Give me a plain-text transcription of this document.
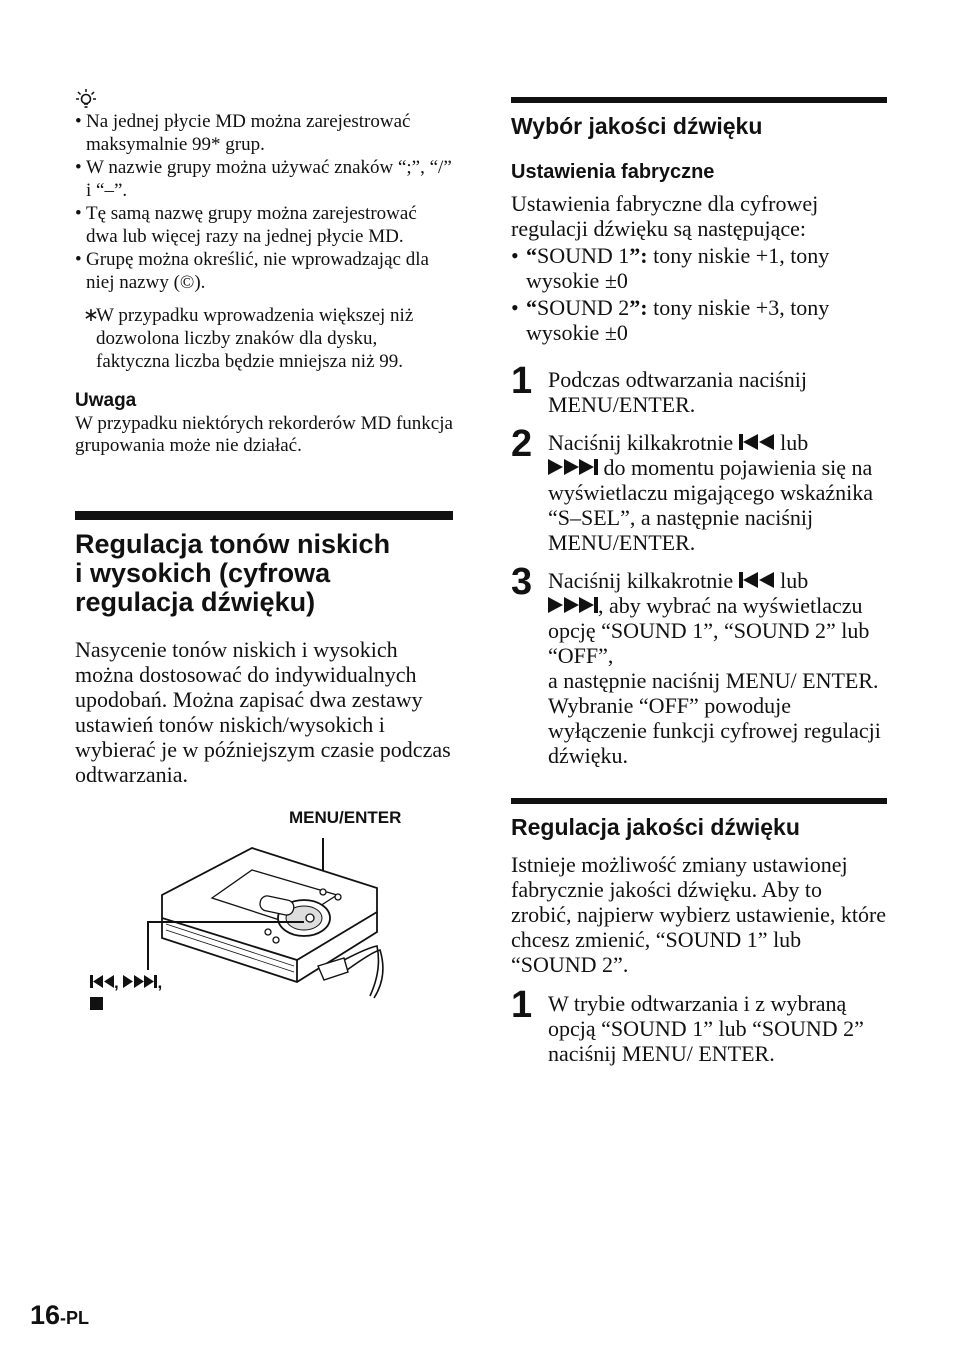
• Na jednej płycie MD można zarejestrować maksymalnie 99* grup.
• W nazwie grupy można używać znaków “;”, “/” i “–”.
• Tę samą nazwę grupy można zarejestrować dwa lub więcej razy na jednej płycie MD.
• Grupę można określić, nie wprowadzając dla niej nazwy (©).
∗
W przypadku wprowadzenia większej niż dozwolona liczby znaków dla dysku, faktyczna liczba będzie mniejsza niż 99.
Uwaga
W przypadku niektórych rekorderów MD funkcja grupowania może nie działać.
Regulacja tonów niskich
i wysokich (cyfrowa
regulacja dźwięku)
Nasycenie tonów niskich i wysokich można dostosować do indywidualnych upodobań. Można zapisać dwa zestawy ustawień tonów niskich/wysokich i wybierać je w późniejszym czasie podczas odtwarzania.
MENU/ENTER
, ,

Wybór jakości dźwięku
Ustawienia fabryczne
Ustawienia fabryczne dla cyfrowej regulacji dźwięku są następujące:
• “SOUND 1”: tony niskie +1, tony wysokie ±0
• “SOUND 2”: tony niskie +3, tony wysokie ±0
1 Podczas odtwarzania naciśnij MENU/ENTER.
2 Naciśnij kilkakrotnie  lub
do momentu pojawienia się na wyświetlaczu migającego wskaźnika “S–SEL”, a następnie naciśnij MENU/ENTER.
3 Naciśnij kilkakrotnie  lub
, aby wybrać na wyświetlaczu opcję “SOUND 1”, “SOUND 2” lub “OFF”,
a następnie naciśnij MENU/ ENTER.
Wybranie “OFF” powoduje wyłączenie funkcji cyfrowej regulacji dźwięku.
Regulacja jakości dźwięku
Istnieje możliwość zmiany ustawionej fabrycznie jakości dźwięku. Aby to zrobić, najpierw wybierz ustawienie, które chcesz zmienić, “SOUND 1” lub “SOUND 2”.
1 W trybie odtwarzania i z wybraną opcją “SOUND 1” lub “SOUND 2” naciśnij MENU/ ENTER.
16-PL
